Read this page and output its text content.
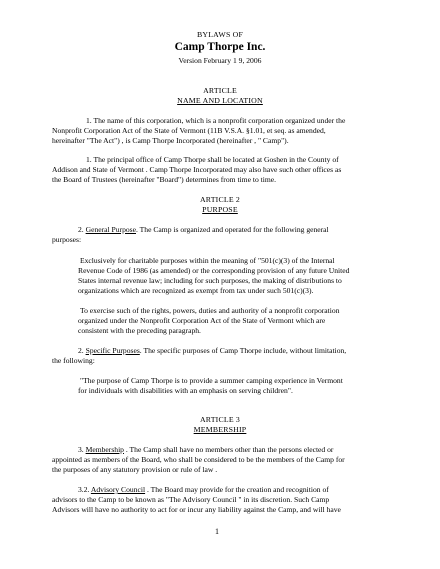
BYLAWS OF
Camp Thorpe Inc.
Version February 1 9, 2006
ARTICLE
NAME AND LOCATION
1. The name of this corporation, which is a nonprofit corporation organized under the
Nonprofit Corporation Act of the State of Vermont (11B V.S.A. §1.01, et seq. as amended,
hereinafter "The Act") , is Camp Thorpe Incorporated (hereinafter , " Camp").
1. The principal office of Camp Thorpe shall be located at Goshen in the County of
Addison and State of Vermont . Camp Thorpe Incorporated may also have such other offices as
the Board of Trustees (hereinafter "Board") determines from time to time.
ARTICLE 2
PURPOSE
2. General Purpose. The Camp is organized and operated for the following general
purposes:
Exclusively for charitable purposes within the meaning of "501(c)(3) of the Internal
Revenue Code of 1986 (as amended) or the corresponding provision of any future United
States internal revenue law; including for such purposes, the making of distributions to
organizations which are recognized as exempt from tax under such 501(c)(3).
To exercise such of the rights, powers, duties and authority of a nonprofit corporation
organized under the Nonprofit Corporation Act of the State of Vermont which are
consistent with the preceding paragraph.
2. Specific Purposes. The specific purposes of Camp Thorpe include, without limitation,
the following:
"The purpose of Camp Thorpe is to provide a summer camping experience in Vermont
for individuals with disabilities with an emphasis on serving children".
ARTICLE 3
MEMBERSHIP
3. Membership . The Camp shall have no members other than the persons elected or
appointed as members of the Board, who shall be considered to be the members of the Camp for
the purposes of any statutory provision or rule of law .
3.2. Advisory Council . The Board may provide for the creation and recognition of
advisors to the Camp to be known as "The Advisory Council " in its discretion. Such Camp
Advisors will have no authority to act for or incur any liability against the Camp, and will have
1
